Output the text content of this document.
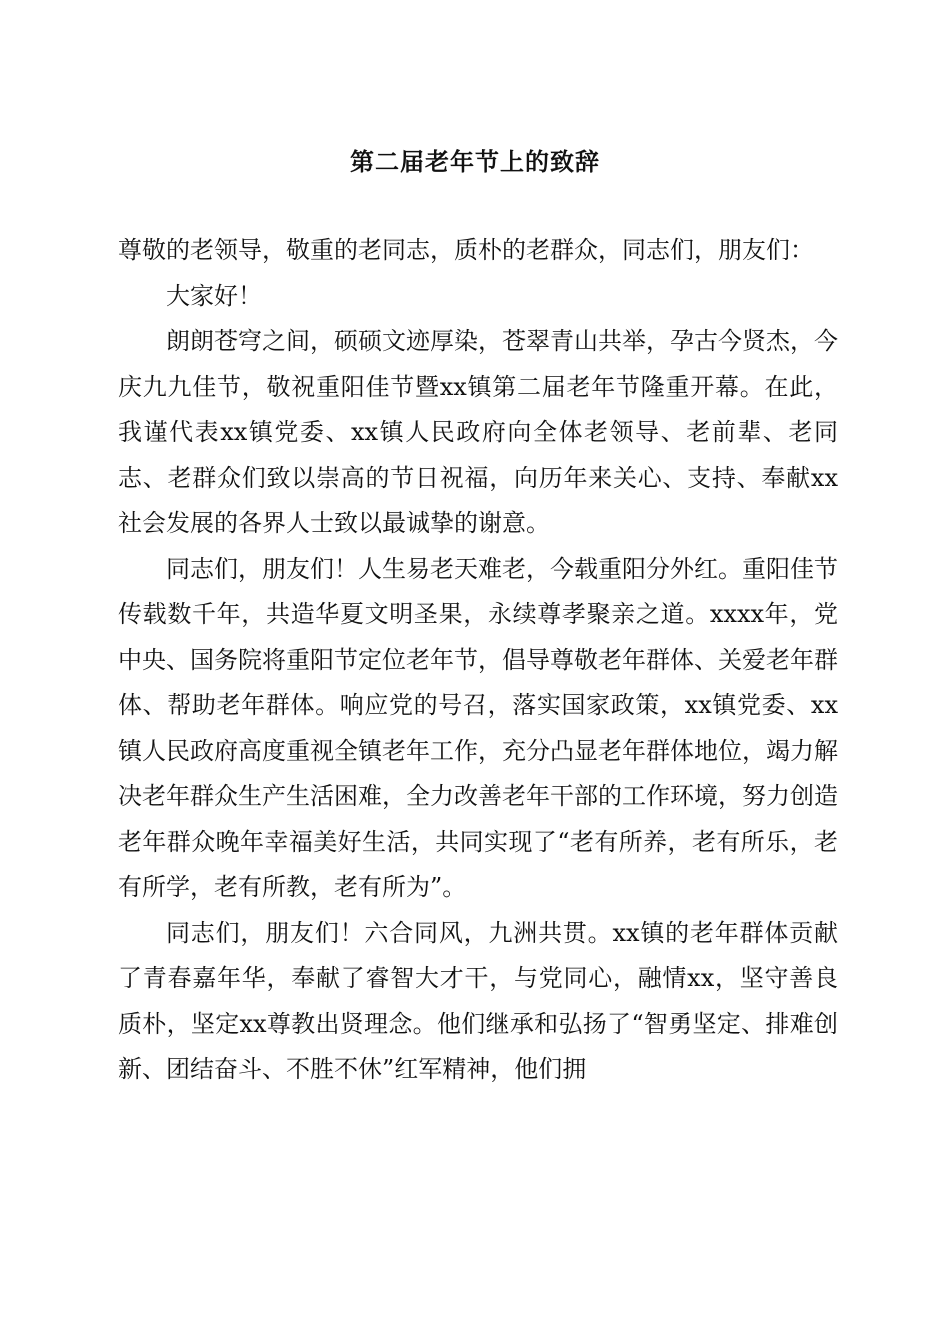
第二届老年节上的致辞

尊敬的老领导，敬重的老同志，质朴的老群众，同志们，朋友们：

大家好！

朗朗苍穹之间，硕硕文迹厚染，苍翠青山共举，孕古今贤杰，今庆九九佳节，敬祝重阳佳节暨xx镇第二届老年节隆重开幕。在此，我谨代表xx镇党委、xx镇人民政府向全体老领导、老前辈、老同志、老群众们致以崇高的节日祝福，向历年来关心、支持、奉献xx社会发展的各界人士致以最诚挚的谢意。

同志们，朋友们！人生易老天难老，今载重阳分外红。重阳佳节传载数千年，共造华夏文明圣果，永续尊孝聚亲之道。xxxx年，党中央、国务院将重阳节定位老年节，倡导尊敬老年群体、关爱老年群体、帮助老年群体。响应党的号召，落实国家政策，xx镇党委、xx镇人民政府高度重视全镇老年工作，充分凸显老年群体地位，竭力解决老年群众生产生活困难，全力改善老年干部的工作环境，努力创造老年群众晚年幸福美好生活，共同实现了“老有所养，老有所乐，老有所学，老有所教，老有所为”。

同志们，朋友们！六合同风，九洲共贯。xx镇的老年群体贡献了青春嘉年华，奉献了睿智大才干，与党同心，融情xx，坚守善良质朴，坚定xx尊教出贤理念。他们继承和弘扬了“智勇坚定、排难创新、团结奋斗、不胜不休”红军精神，他们拥
